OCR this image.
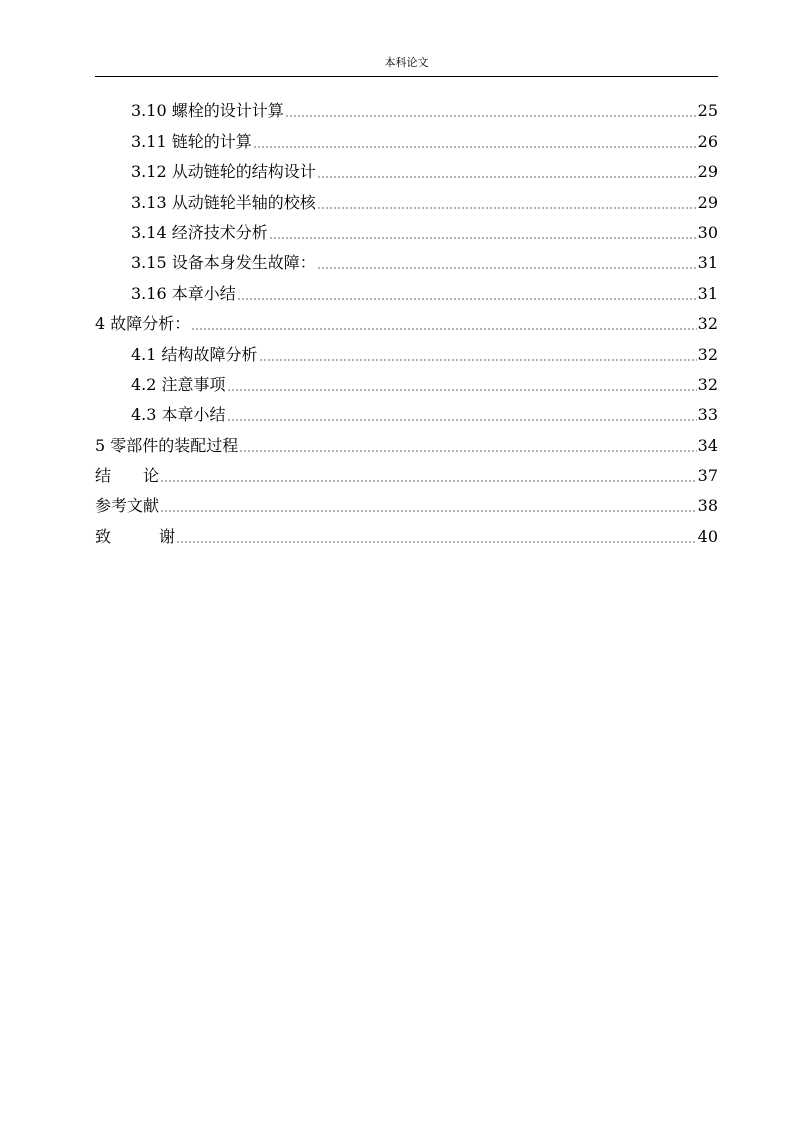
本科论文
3.10 螺栓的设计计算	25
3.11 链轮的计算	26
3.12 从动链轮的结构设计	29
3.13 从动链轮半轴的校核	29
3.14 经济技术分析	30
3.15 设备本身发生故障：	31
3.16 本章小结	31
4 故障分析：	32
4.1 结构故障分析	32
4.2 注意事项	32
4.3 本章小结	33
5 零部件的装配过程	34
结　　论	37
参考文献	38
致　　　谢	40
